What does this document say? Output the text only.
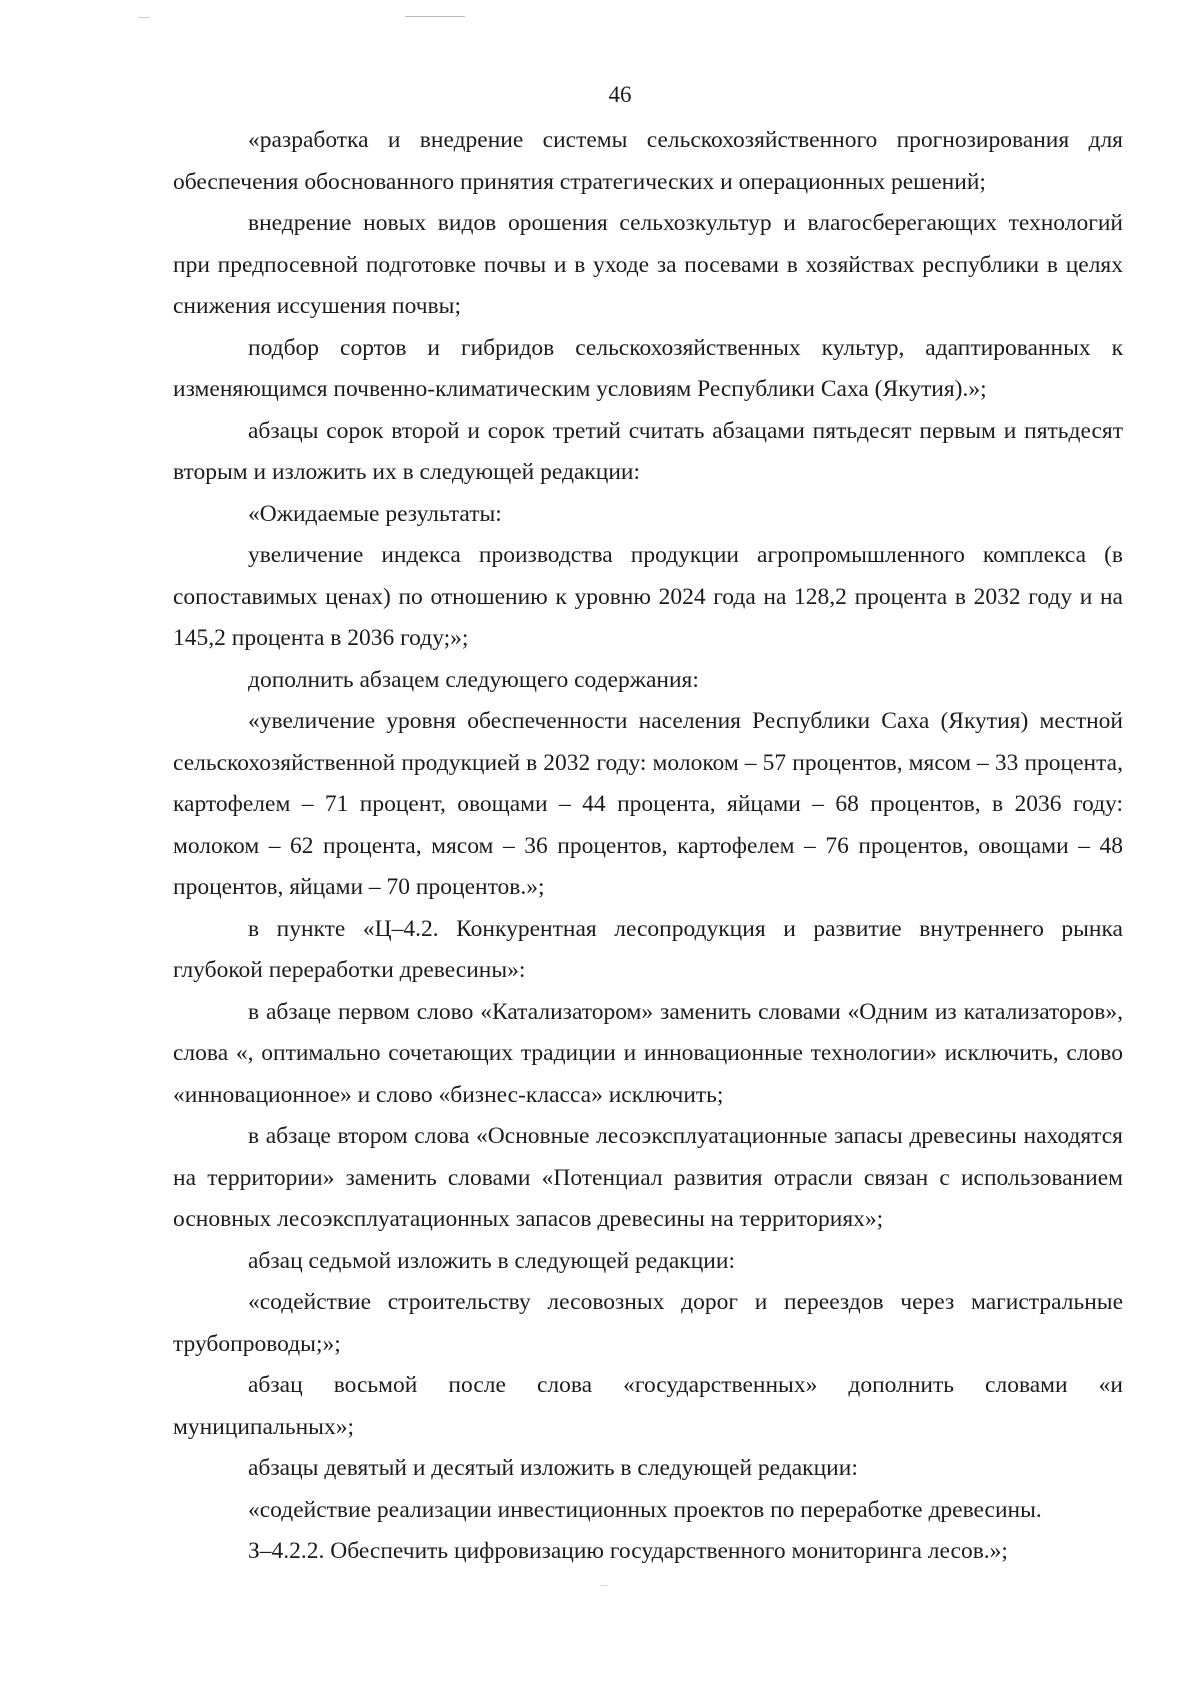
46

«разработка и внедрение системы сельскохозяйственного прогнозирования для обеспечения обоснованного принятия стратегических и операционных решений;

внедрение новых видов орошения сельхозкультур и влагосберегающих технологий при предпосевной подготовке почвы и в уходе за посевами в хозяйствах республики в целях снижения иссушения почвы;

подбор сортов и гибридов сельскохозяйственных культур, адаптированных к изменяющимся почвенно-климатическим условиям Республики Саха (Якутия).»;

абзацы сорок второй и сорок третий считать абзацами пятьдесят первым и пятьдесят вторым и изложить их в следующей редакции:

«Ожидаемые результаты:

увеличение индекса производства продукции агропромышленного комплекса (в сопоставимых ценах) по отношению к уровню 2024 года на 128,2 процента в 2032 году и на 145,2 процента в 2036 году;»;

дополнить абзацем следующего содержания:

«увеличение уровня обеспеченности населения Республики Саха (Якутия) местной сельскохозяйственной продукцией в 2032 году: молоком – 57 процентов, мясом – 33 процента, картофелем – 71 процент, овощами – 44 процента, яйцами – 68 процентов, в 2036 году: молоком – 62 процента, мясом – 36 процентов, картофелем – 76 процентов, овощами – 48 процентов, яйцами – 70 процентов.»;

в пункте «Ц–4.2. Конкурентная лесопродукция и развитие внутреннего рынка глубокой переработки древесины»:

в абзаце первом слово «Катализатором» заменить словами «Одним из катализаторов», слова «, оптимально сочетающих традиции и инновационные технологии» исключить, слово «инновационное» и слово «бизнес-класса» исключить;

в абзаце втором слова «Основные лесоэксплуатационные запасы древесины находятся на территории» заменить словами «Потенциал развития отрасли связан с использованием основных лесоэксплуатационных запасов древесины на территориях»;

абзац седьмой изложить в следующей редакции:

«содействие строительству лесовозных дорог и переездов через магистральные трубопроводы;»;

абзац восьмой после слова «государственных» дополнить словами «и муниципальных»;

абзацы девятый и десятый изложить в следующей редакции:

«содействие реализации инвестиционных проектов по переработке древесины.

З–4.2.2. Обеспечить цифровизацию государственного мониторинга лесов.»;
